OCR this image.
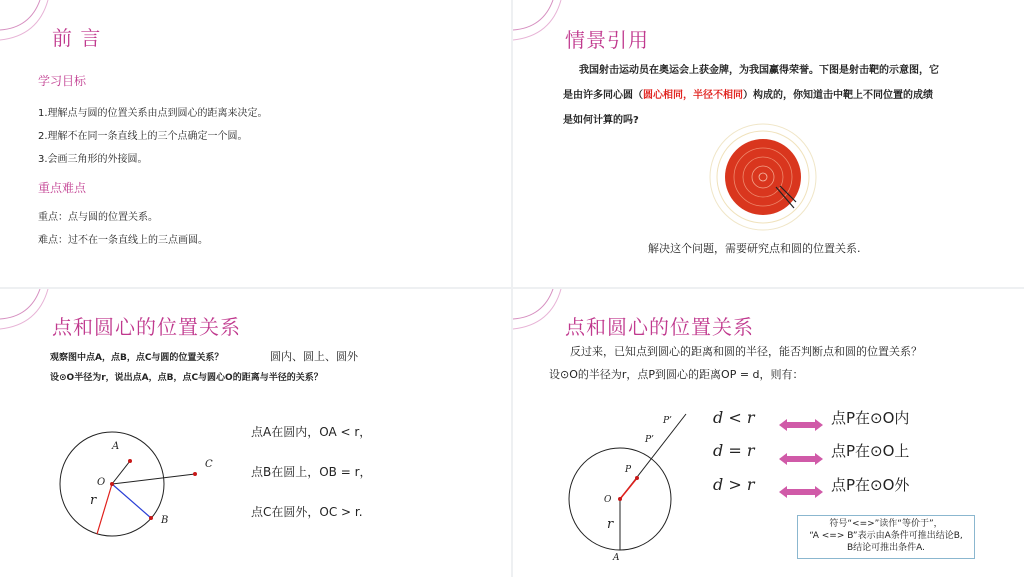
前 言
学习目标
1.理解点与圆的位置关系由点到圆心的距离来决定。
2.理解不在同一条直线上的三个点确定一个圆。
3.会画三角形的外接圆。
重点难点
重点：点与圆的位置关系。
难点：过不在一条直线上的三点画圆。
情景引用
我国射击运动员在奥运会上获金牌，为我国赢得荣誉。下图是射击靶的示意图，它
是由许多同心圆（圆心相同，半径不相同）构成的，你知道击中靶上不同位置的成绩
是如何计算的吗?
解决这个问题，需要研究点和圆的位置关系.
点和圆心的位置关系
观察图中点A，点B，点C与圆的位置关系？	圆内、圆上、圆外
设⊙O半径为r，说出点A，点B，点C与圆心O的距离与半径的关系？
A
C
O
r
B
点A在圆内，OA < r，
点B在圆上，OB = r，
点C在圆外，OC > r.
点和圆心的位置关系
反过来，已知点到圆心的距离和圆的半径，能否判断点和圆的位置关系？
设⊙O的半径为r，点P到圆心的距离OP = d，则有：
P’
P’
P
O
r
A
d < r
d = r
d > r
点P在⊙O内
点P在⊙O上
点P在⊙O外
符号“<=>”读作“等价于”，
“A <=> B”表示由A条件可推出结论B,
B结论可推出条件A.
